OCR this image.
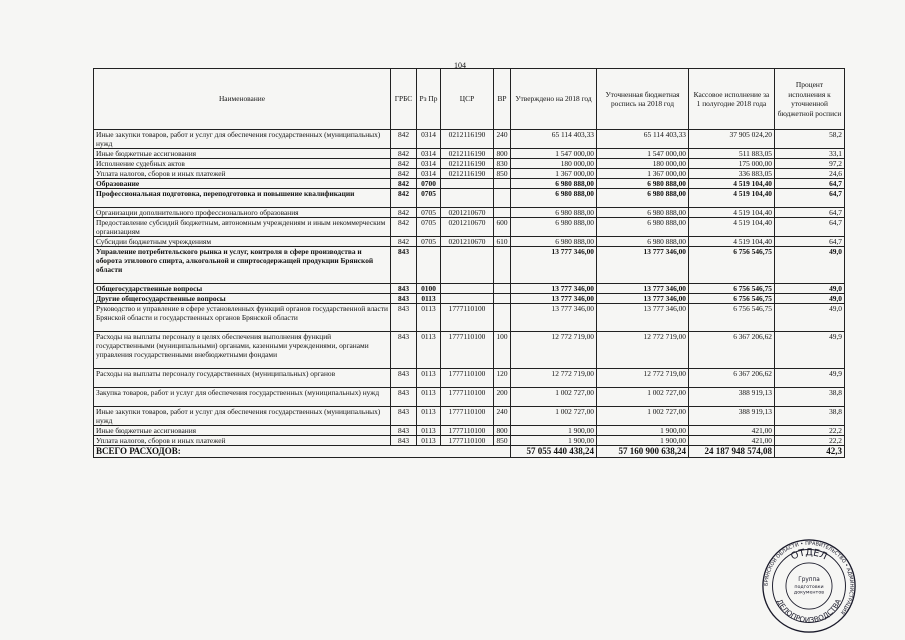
104
Наименование	ГРБС	Рз Пр	ЦСР	ВР	Утверждено на 2018 год	Уточненная бюджетная роспись на 2018 год	Кассовое исполнение за 1 полугодие 2018 года	Процент исполнения к уточненной бюджетной росписи
Иные закупки товаров, работ и услуг для обеспечения государственных (муниципальных) нужд	842	0314	0212116190	240	65 114 403,33	65 114 403,33	37 905 024,20	58,2
Иные бюджетные ассигнования	842	0314	0212116190	800	1 547 000,00	1 547 000,00	511 883,05	33,1
Исполнение судебных актов	842	0314	0212116190	830	180 000,00	180 000,00	175 000,00	97,2
Уплата налогов, сборов и иных платежей	842	0314	0212116190	850	1 367 000,00	1 367 000,00	336 883,05	24,6
Образование	842	0700			6 980 888,00	6 980 888,00	4 519 104,40	64,7
Профессиональная подготовка, переподготовка и повышение квалификации	842	0705			6 980 888,00	6 980 888,00	4 519 104,40	64,7
Организации дополнительного профессионального образования	842	0705	0201210670		6 980 888,00	6 980 888,00	4 519 104,40	64,7
Предоставление субсидий бюджетным, автономным учреждениям и иным некоммерческим организациям	842	0705	0201210670	600	6 980 888,00	6 980 888,00	4 519 104,40	64,7
Субсидии бюджетным учреждениям	842	0705	0201210670	610	6 980 888,00	6 980 888,00	4 519 104,40	64,7
Управление потребительского рынка и услуг, контроля в сфере производства и оборота этилового спирта, алкогольной и спиртосодержащей продукции Брянской области	843				13 777 346,00	13 777 346,00	6 756 546,75	49,0
Общегосударственные вопросы	843	0100			13 777 346,00	13 777 346,00	6 756 546,75	49,0
Другие общегосударственные вопросы	843	0113			13 777 346,00	13 777 346,00	6 756 546,75	49,0
Руководство и управление в сфере установленных функций органов государственной власти Брянской области и государственных органов Брянской области	843	0113	1777110100		13 777 346,00	13 777 346,00	6 756 546,75	49,0
Расходы на выплаты персоналу в целях обеспечения выполнения функций государственными (муниципальными) органами, казенными учреждениями, органами управления государственными внебюджетными фондами	843	0113	1777110100	100	12 772 719,00	12 772 719,00	6 367 206,62	49,9
Расходы на выплаты персоналу государственных (муниципальных) органов	843	0113	1777110100	120	12 772 719,00	12 772 719,00	6 367 206,62	49,9
Закупка товаров, работ и услуг для обеспечения государственных (муниципальных) нужд	843	0113	1777110100	200	1 002 727,00	1 002 727,00	388 919,13	38,8
Иные закупки товаров, работ и услуг для обеспечения государственных (муниципальных) нужд	843	0113	1777110100	240	1 002 727,00	1 002 727,00	388 919,13	38,8
Иные бюджетные ассигнования	843	0113	1777110100	800	1 900,00	1 900,00	421,00	22,2
Уплата налогов, сборов и иных платежей	843	0113	1777110100	850	1 900,00	1 900,00	421,00	22,2
ВСЕГО РАСХОДОВ:					57 055 440 438,24	57 160 900 638,24	24 187 948 574,08	42,3
БРЯНСКОЙ ОБЛАСТИ • ПРАВИТЕЛЬСТВО • АДМИНИСТРАЦИЯ
ОТДЕЛ
ДЕЛОПРОИЗВОДСТВА
Группа
подготовки
документов
